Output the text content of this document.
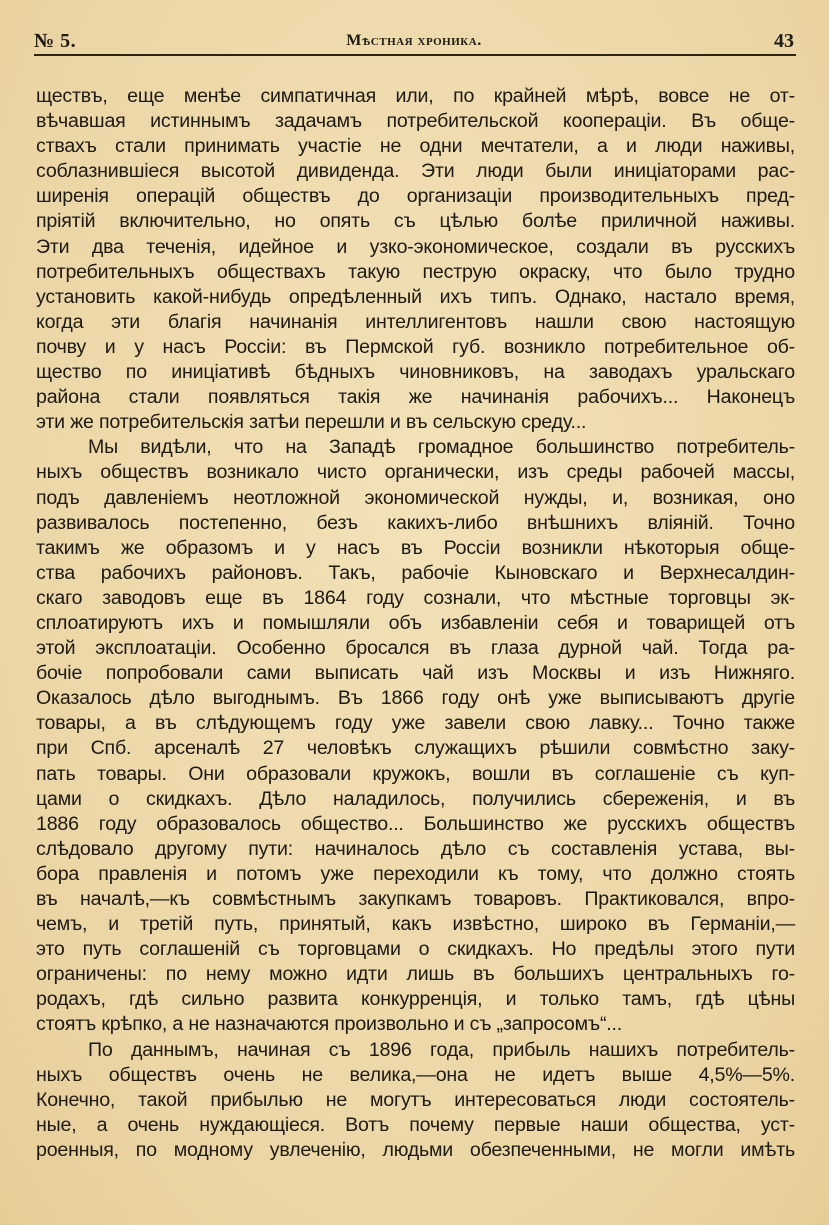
№ 5.	Мѣстная хроника.	43
ществъ, еще менѣе симпатичная или, по крайней мѣрѣ, вовсе не от-
вѣчавшая истиннымъ задачамъ потребительской коопераціи. Въ обще-
ствахъ стали принимать участіе не одни мечтатели, а и люди наживы,
соблазнившіеся высотой дивиденда. Эти люди были иниціаторами рас-
ширенія операцій обществъ до организаціи производительныхъ пред-
пріятій включительно, но опять съ цѣлью болѣе приличной наживы.
Эти два теченія, идейное и узко-экономическое, создали въ русскихъ
потребительныхъ обществахъ такую пеструю окраску, что было трудно
установить какой-нибудь опредѣленный ихъ типъ. Однако, настало время,
когда эти благія начинанія интеллигентовъ нашли свою настоящую
почву и у насъ Россіи: въ Пермской губ. возникло потребительное об-
щество по иниціативѣ бѣдныхъ чиновниковъ, на заводахъ уральскаго
района стали появляться такія же начинанія рабочихъ... Наконецъ
эти же потребительскія затѣи перешли и въ сельскую среду...
Мы видѣли, что на Западѣ громадное большинство потребитель-
ныхъ обществъ возникало чисто органически, изъ среды рабочей массы,
подъ давленіемъ неотложной экономической нужды, и, возникая, оно
развивалось постепенно, безъ какихъ-либо внѣшнихъ вліяній. Точно
такимъ же образомъ и у насъ въ Россіи возникли нѣкоторыя обще-
ства рабочихъ районовъ. Такъ, рабочіе Кыновскаго и Верхнесалдин-
скаго заводовъ еще въ 1864 году сознали, что мѣстные торговцы эк-
сплоатируютъ ихъ и помышляли объ избавленіи себя и товарищей отъ
этой эксплоатаціи. Особенно бросался въ глаза дурной чай. Тогда ра-
бочіе попробовали сами выписать чай изъ Москвы и изъ Нижняго.
Оказалось дѣло выгоднымъ. Въ 1866 году онѣ уже выписываютъ другіе
товары, а въ слѣдующемъ году уже завели свою лавку... Точно также
при Спб. арсеналѣ 27 человѣкъ служащихъ рѣшили совмѣстно заку-
пать товары. Они образовали кружокъ, вошли въ соглашеніе съ куп-
цами о скидкахъ. Дѣло наладилось, получились сбереженія, и въ
1886 году образовалось общество... Большинство же русскихъ обществъ
слѣдовало другому пути: начиналось дѣло съ составленія устава, вы-
бора правленія и потомъ уже переходили къ тому, что должно стоять
въ началѣ,—къ совмѣстнымъ закупкамъ товаровъ. Практиковался, впро-
чемъ, и третій путь, принятый, какъ извѣстно, широко въ Германіи,—
это путь соглашеній съ торговцами о скидкахъ. Но предѣлы этого пути
ограничены: по нему можно идти лишь въ большихъ центральныхъ го-
родахъ, гдѣ сильно развита конкурренція, и только тамъ, гдѣ цѣны
стоятъ крѣпко, а не назначаются произвольно и съ „запросомъ“...
По даннымъ, начиная съ 1896 года, прибыль нашихъ потребитель-
ныхъ обществъ очень не велика,—она не идетъ выше 4,5%—5%.
Конечно, такой прибылью не могутъ интересоваться люди состоятель-
ные, а очень нуждающіеся. Вотъ почему первые наши общества, уст-
роенныя, по модному увлеченію, людьми обезпеченными, не могли имѣть
